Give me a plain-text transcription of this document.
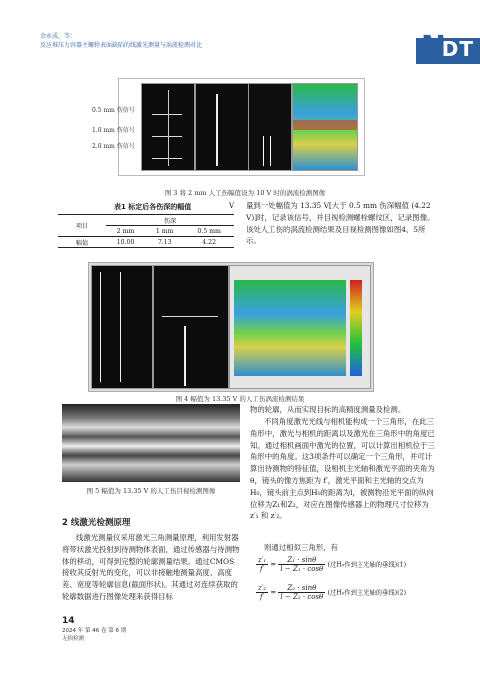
余永成，等：
反应堆压力容器主螺栓表面缺陷的线激光测量与涡流检测对比	N
DT
0.5 mm 伤信号
1.0 mm 伤信号
2.0 mm 伤信号
图 3 将 2 mm 人工伤幅值设为 10 V 时的涡流检测图像
表1 标定后各伤深的幅值	V
项目	伤深		
	2 mm	1 mm	0.5 mm
幅值	10.00	7.13	4.22
量到一处幅值为 13.35 V[大于 0.5 mm 伤深幅值 (4.22 V)]时，记录该信号，并目视检测螺栓螺纹区，记录图像。该处人工伤的涡流检测结果及目视检测图像如图4、5所示。
图 4 幅值为 13.35 V 的人工伤涡流检测结果
图 5 幅值为 13.35 V 的人工伤目视检测图像
2 线激光检测原理
线激光测量仪采用激光三角测量原理，利用发射器将带状激光投射到待测物体表面，通过传感器与待测物体的移动，可得到完整的轮廓测量结果。通过CMOS接收其反射光的变化，可以非接触地测量高度、高度差、宽度等轮廓信息(截面形状)。其通过对连续获取的轮廓数据进行图像处理来获得目标
物的轮廓，从而实现目标的高精度测量及检测。
不同角度激光光线与相机能构成一个三角形，在此三角形中，激光与相机的距离以及激光在三角形中的角度已知。通过相机画面中激光的位置，可以计算出相机位于三角形中的角度。这3项条件可以确定一个三角形，并可计算出待测物的特征值，设相机主光轴和激光平面的夹角为 θ，镜头的像方焦距为 f′，激光平面和主光轴的交点为H₀，镜头前主点到H₀的距离为l，被测物沿光平面的纵向位移为Z₁和Z₂，对应在图像传感器上的物理尺寸位移为 z′₁ 和 z′₂。
则通过相似三角形，有
$\frac{\text{z′₁}}{f'} = \frac{\text{Z₁ · sinθ}}{\text{l − Z₁ · cosθ}}$ (过H₀作到主光轴的垂线)(1)
$\frac{\text{z′₂}}{f'} = \frac{\text{Z₂ · sinθ}}{\text{l − Z₂ · cosθ}}$ (过H₀作到主光轴的垂线)(2)
14
2024 年 第 46 卷 第 6 期
无损检测
